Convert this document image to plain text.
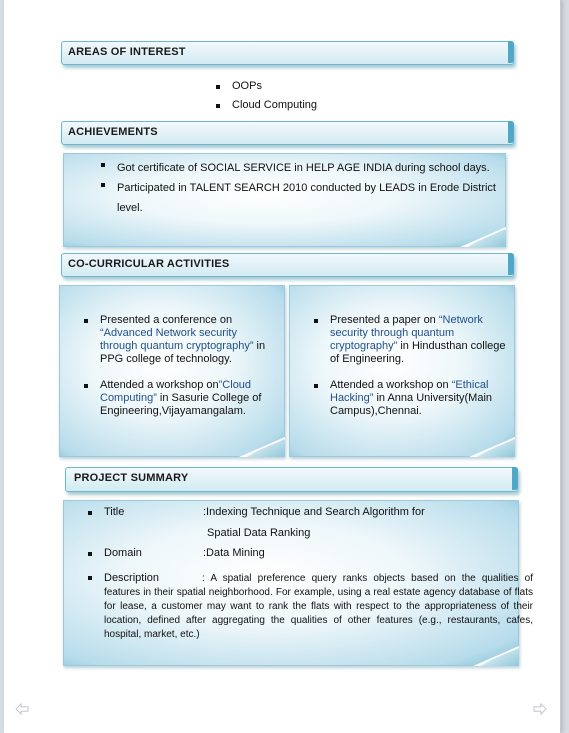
AREAS OF INTEREST
OOPs
Cloud Computing
ACHIEVEMENTS
Got certificate of SOCIAL SERVICE in HELP AGE INDIA during school days.
Participated in TALENT SEARCH 2010 conducted by LEADS in Erode District level.
CO-CURRICULAR ACTIVITIES
Presented a conference on “Advanced Network security through quantum cryptography” in PPG college of technology.
Attended a workshop on”Cloud Computing” in Sasurie College of Engineering,Vijayamangalam.
Presented a paper on “Network security through quantum cryptography” in Hindusthan college of Engineering.
Attended a workshop on “Ethical Hacking” in Anna University(Main Campus),Chennai.
PROJECT SUMMARY
Title	:Indexing Technique and Search Algorithm for
Spatial Data Ranking
Domain	:Data Mining
Description	: A spatial preference query ranks objects based on the qualities of features in their spatial neighborhood. For example, using a real estate agency database of flats for lease, a customer may want to rank the flats with respect to the appropriateness of their location, defined after aggregating the qualities of other features (e.g., restaurants, cafes, hospital, market, etc.)
